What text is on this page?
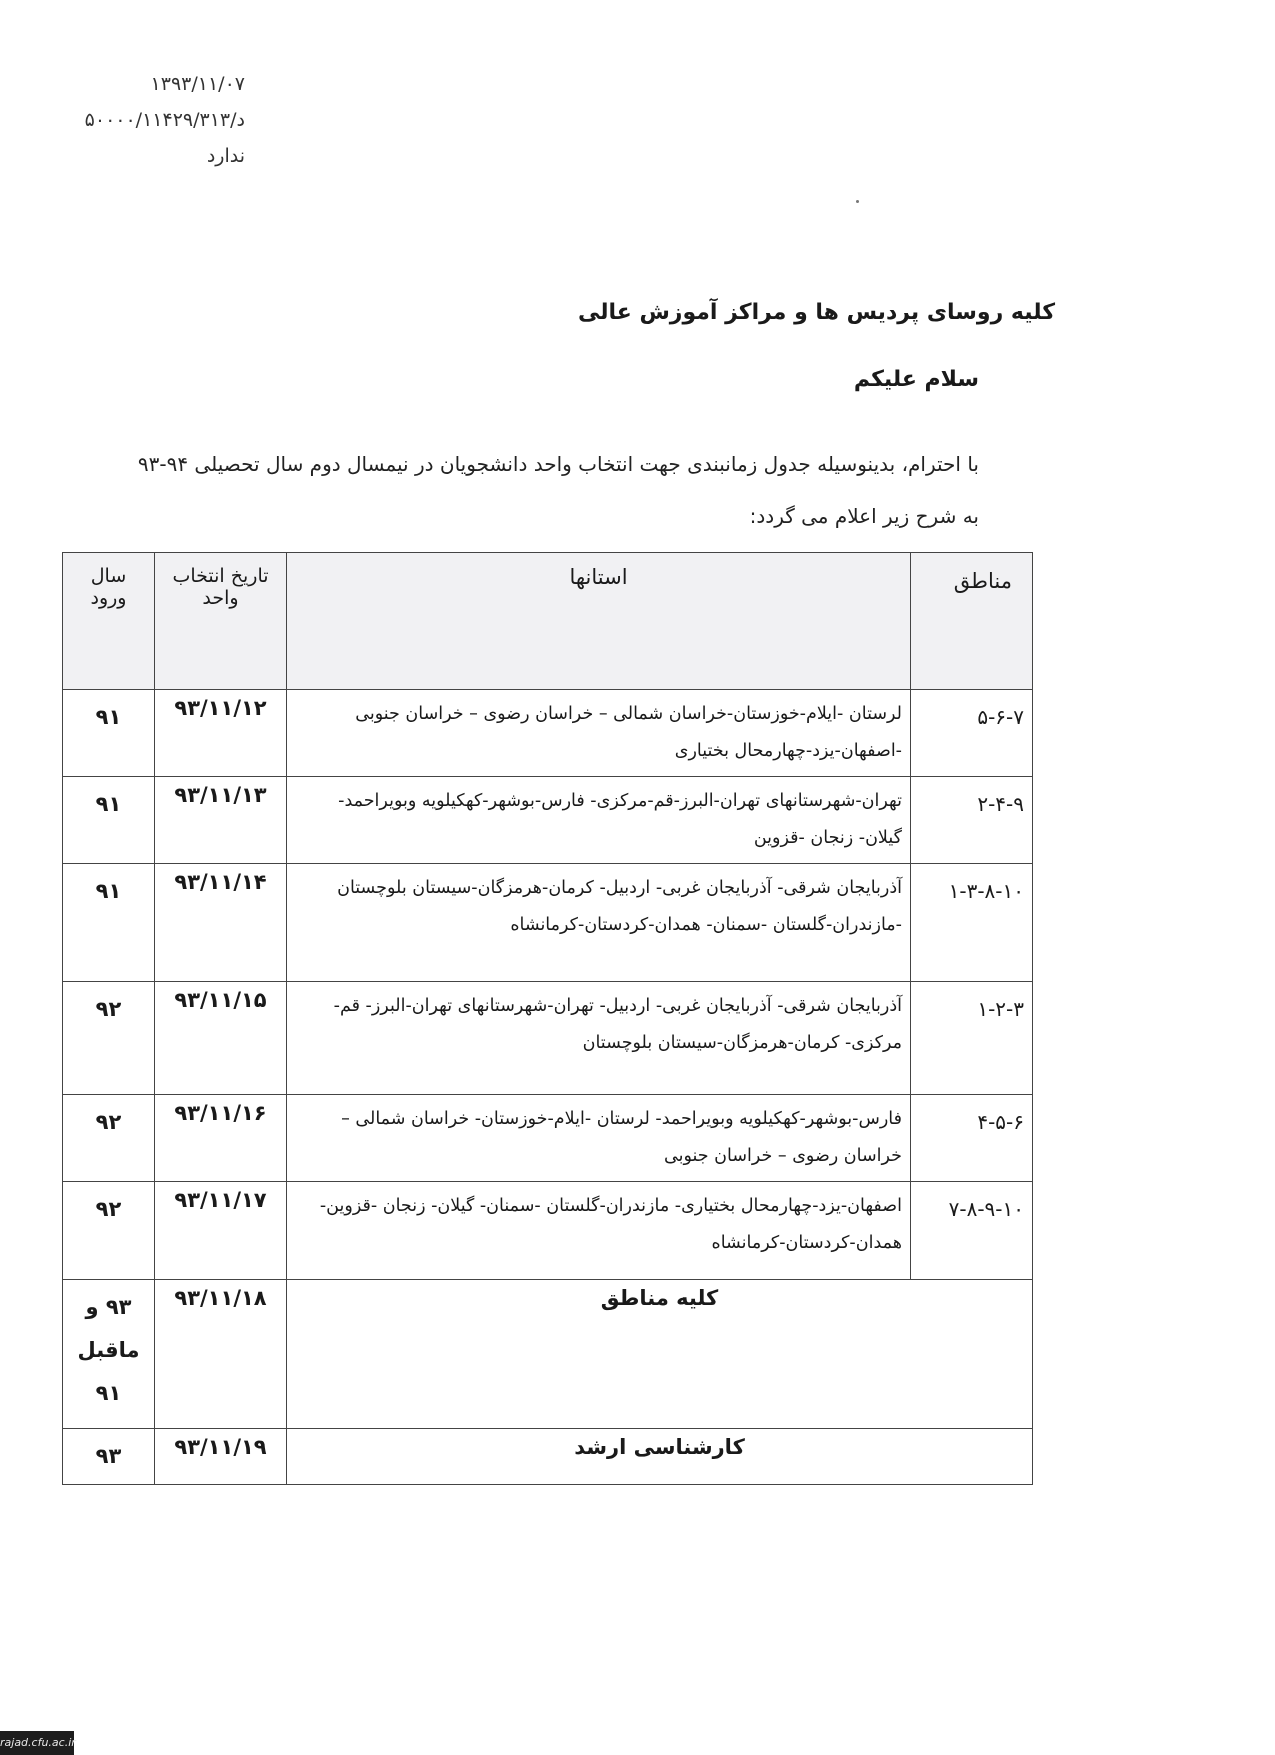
۱۳۹۳/۱۱/۰۷
د/۵۰۰۰۰/۱۱۴۲۹/۳۱۳
ندارد
کلیه روسای پردیس ها و مراکز آموزش عالی
سلام علیکم
با احترام، بدینوسیله جدول زمانبندی جهت انتخاب واحد دانشجویان در نیمسال دوم سال تحصیلی ۹۴-۹۳ به شرح زیر اعلام می گردد:
مناطق	استانها	تاریخ انتخاب واحد	سال ورود
۵-۶-۷	لرستان -ایلام-خوزستان-خراسان شمالی – خراسان رضوی – خراسان جنوبی -اصفهان-یزد-چهارمحال بختیاری	۹۳/۱۱/۱۲	۹۱
۲-۴-۹	تهران-شهرستانهای تهران-البرز-قم-مرکزی- فارس-بوشهر-کهکیلویه وبویراحمد-گیلان- زنجان -قزوین	۹۳/۱۱/۱۳	۹۱
۱-۳-۸-۱۰	آذربایجان شرقی- آذربایجان غربی- اردبیل- کرمان-هرمزگان-سیستان بلوچستان -مازندران-گلستان -سمنان- همدان-کردستان-کرمانشاه	۹۳/۱۱/۱۴	۹۱
۱-۲-۳	آذربایجان شرقی- آذربایجان غربی- اردبیل- تهران-شهرستانهای تهران-البرز- قم-مرکزی- کرمان-هرمزگان-سیستان بلوچستان	۹۳/۱۱/۱۵	۹۲
۴-۵-۶	فارس-بوشهر-کهکیلویه وبویراحمد- لرستان -ایلام-خوزستان- خراسان شمالی – خراسان رضوی – خراسان جنوبی	۹۳/۱۱/۱۶	۹۲
۷-۸-۹-۱۰	اصفهان-یزد-چهارمحال بختیاری- مازندران-گلستان -سمنان- گیلان- زنجان -قزوین- همدان-کردستان-کرمانشاه	۹۳/۱۱/۱۷	۹۲
کلیه مناطق		۹۳/۱۱/۱۸	۹۳ و ماقبل ۹۱
کارشناسی ارشد		۹۳/۱۱/۱۹	۹۳
rajad.cfu.ac.ir
